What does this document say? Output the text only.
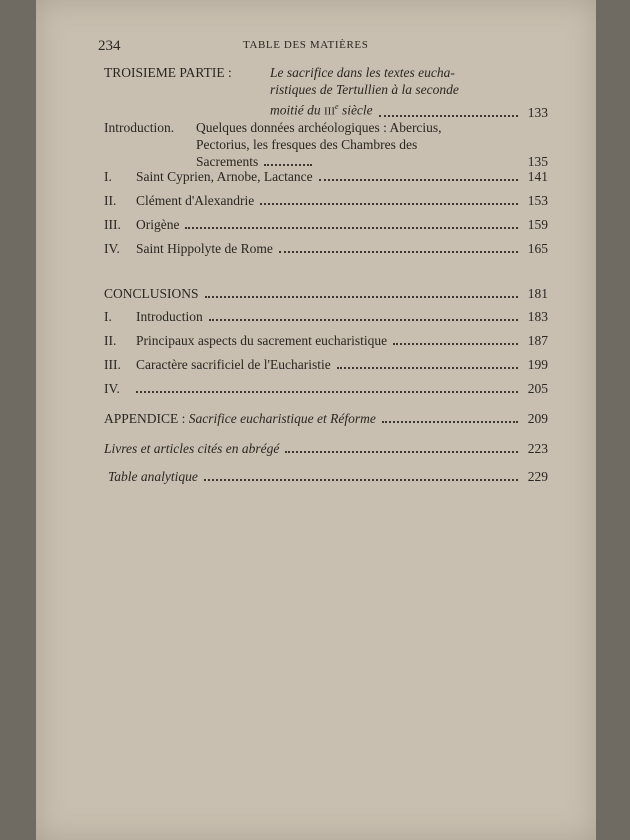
234	TABLE DES MATIÈRES
TROISIEME PARTIE :	Le sacrifice dans les textes eucha-
ristiques de Tertullien à la seconde
moitié du IIIe siècle	133
Introduction. Quelques données archéologiques : Abercius,
Pectorius, les fresques des Chambres des
Sacrements	135
I. Saint Cyprien, Arnobe, Lactance	141
II. Clément d'Alexandrie	153
III. Origène	159
IV. Saint Hippolyte de Rome	165
CONCLUSIONS	181
I. Introduction	183
II. Principaux aspects du sacrement eucharistique	187
III. Caractère sacrificiel de l'Eucharistie	199
IV.	205
APPENDICE : Sacrifice eucharistique et Réforme	209
Livres et articles cités en abrégé	223
Table analytique	229
